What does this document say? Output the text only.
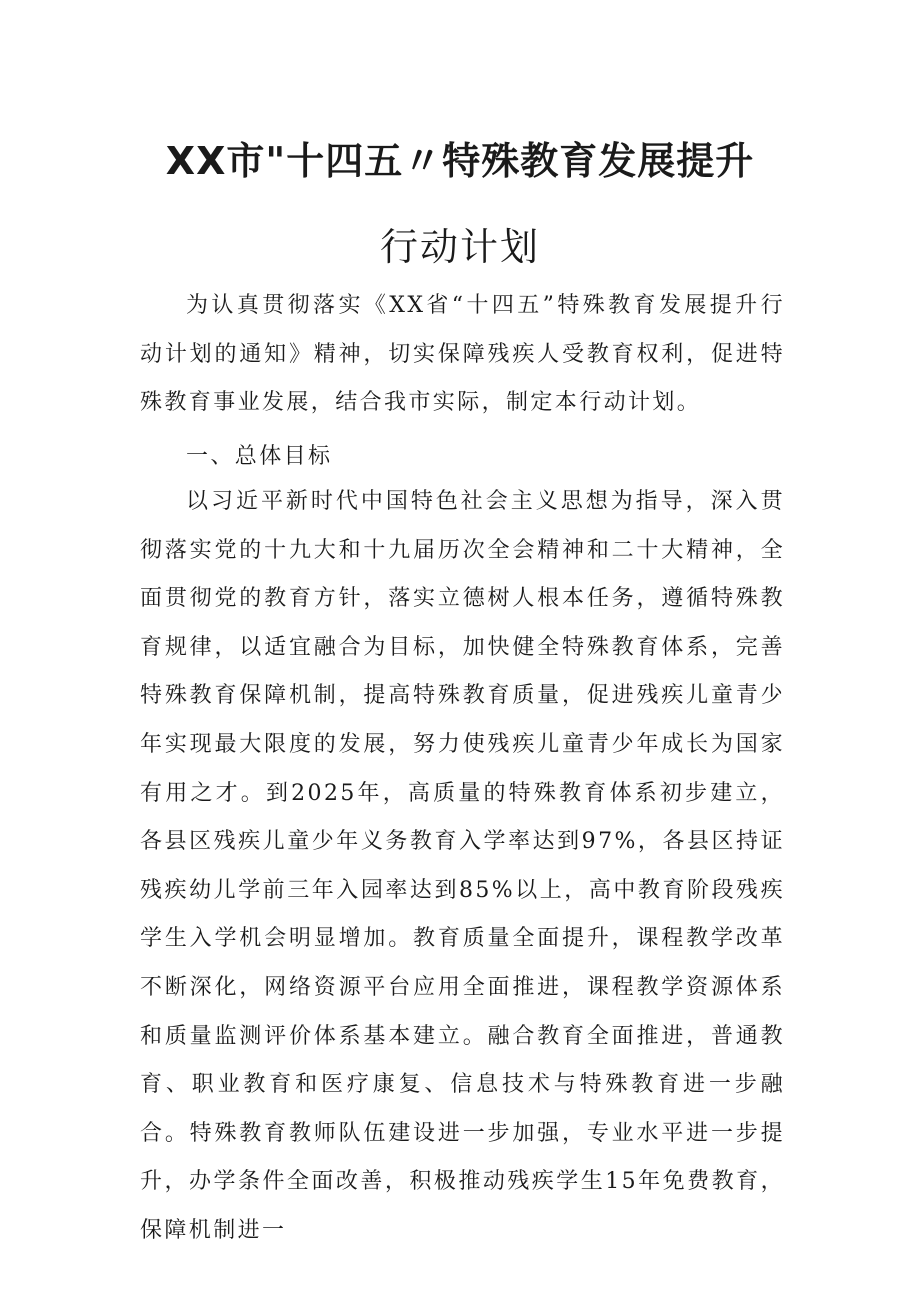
XX市"十四五〃特殊教育发展提升
行动计划

为认真贯彻落实《XX省“十四五”特殊教育发展提升行动计划的通知》精神，切实保障残疾人受教育权利，促进特殊教育事业发展，结合我市实际，制定本行动计划。

一、总体目标

以习近平新时代中国特色社会主义思想为指导，深入贯彻落实党的十九大和十九届历次全会精神和二十大精神，全面贯彻党的教育方针，落实立德树人根本任务，遵循特殊教育规律，以适宜融合为目标，加快健全特殊教育体系，完善特殊教育保障机制，提高特殊教育质量，促进残疾儿童青少年实现最大限度的发展，努力使残疾儿童青少年成长为国家有用之才。到2025年，高质量的特殊教育体系初步建立，各县区残疾儿童少年义务教育入学率达到97%，各县区持证残疾幼儿学前三年入园率达到85%以上，高中教育阶段残疾学生入学机会明显增加。教育质量全面提升，课程教学改革不断深化，网络资源平台应用全面推进，课程教学资源体系和质量监测评价体系基本建立。融合教育全面推进，普通教育、职业教育和医疗康复、信息技术与特殊教育进一步融合。特殊教育教师队伍建设进一步加强，专业水平进一步提升，办学条件全面改善，积极推动残疾学生15年免费教育，保障机制进一
